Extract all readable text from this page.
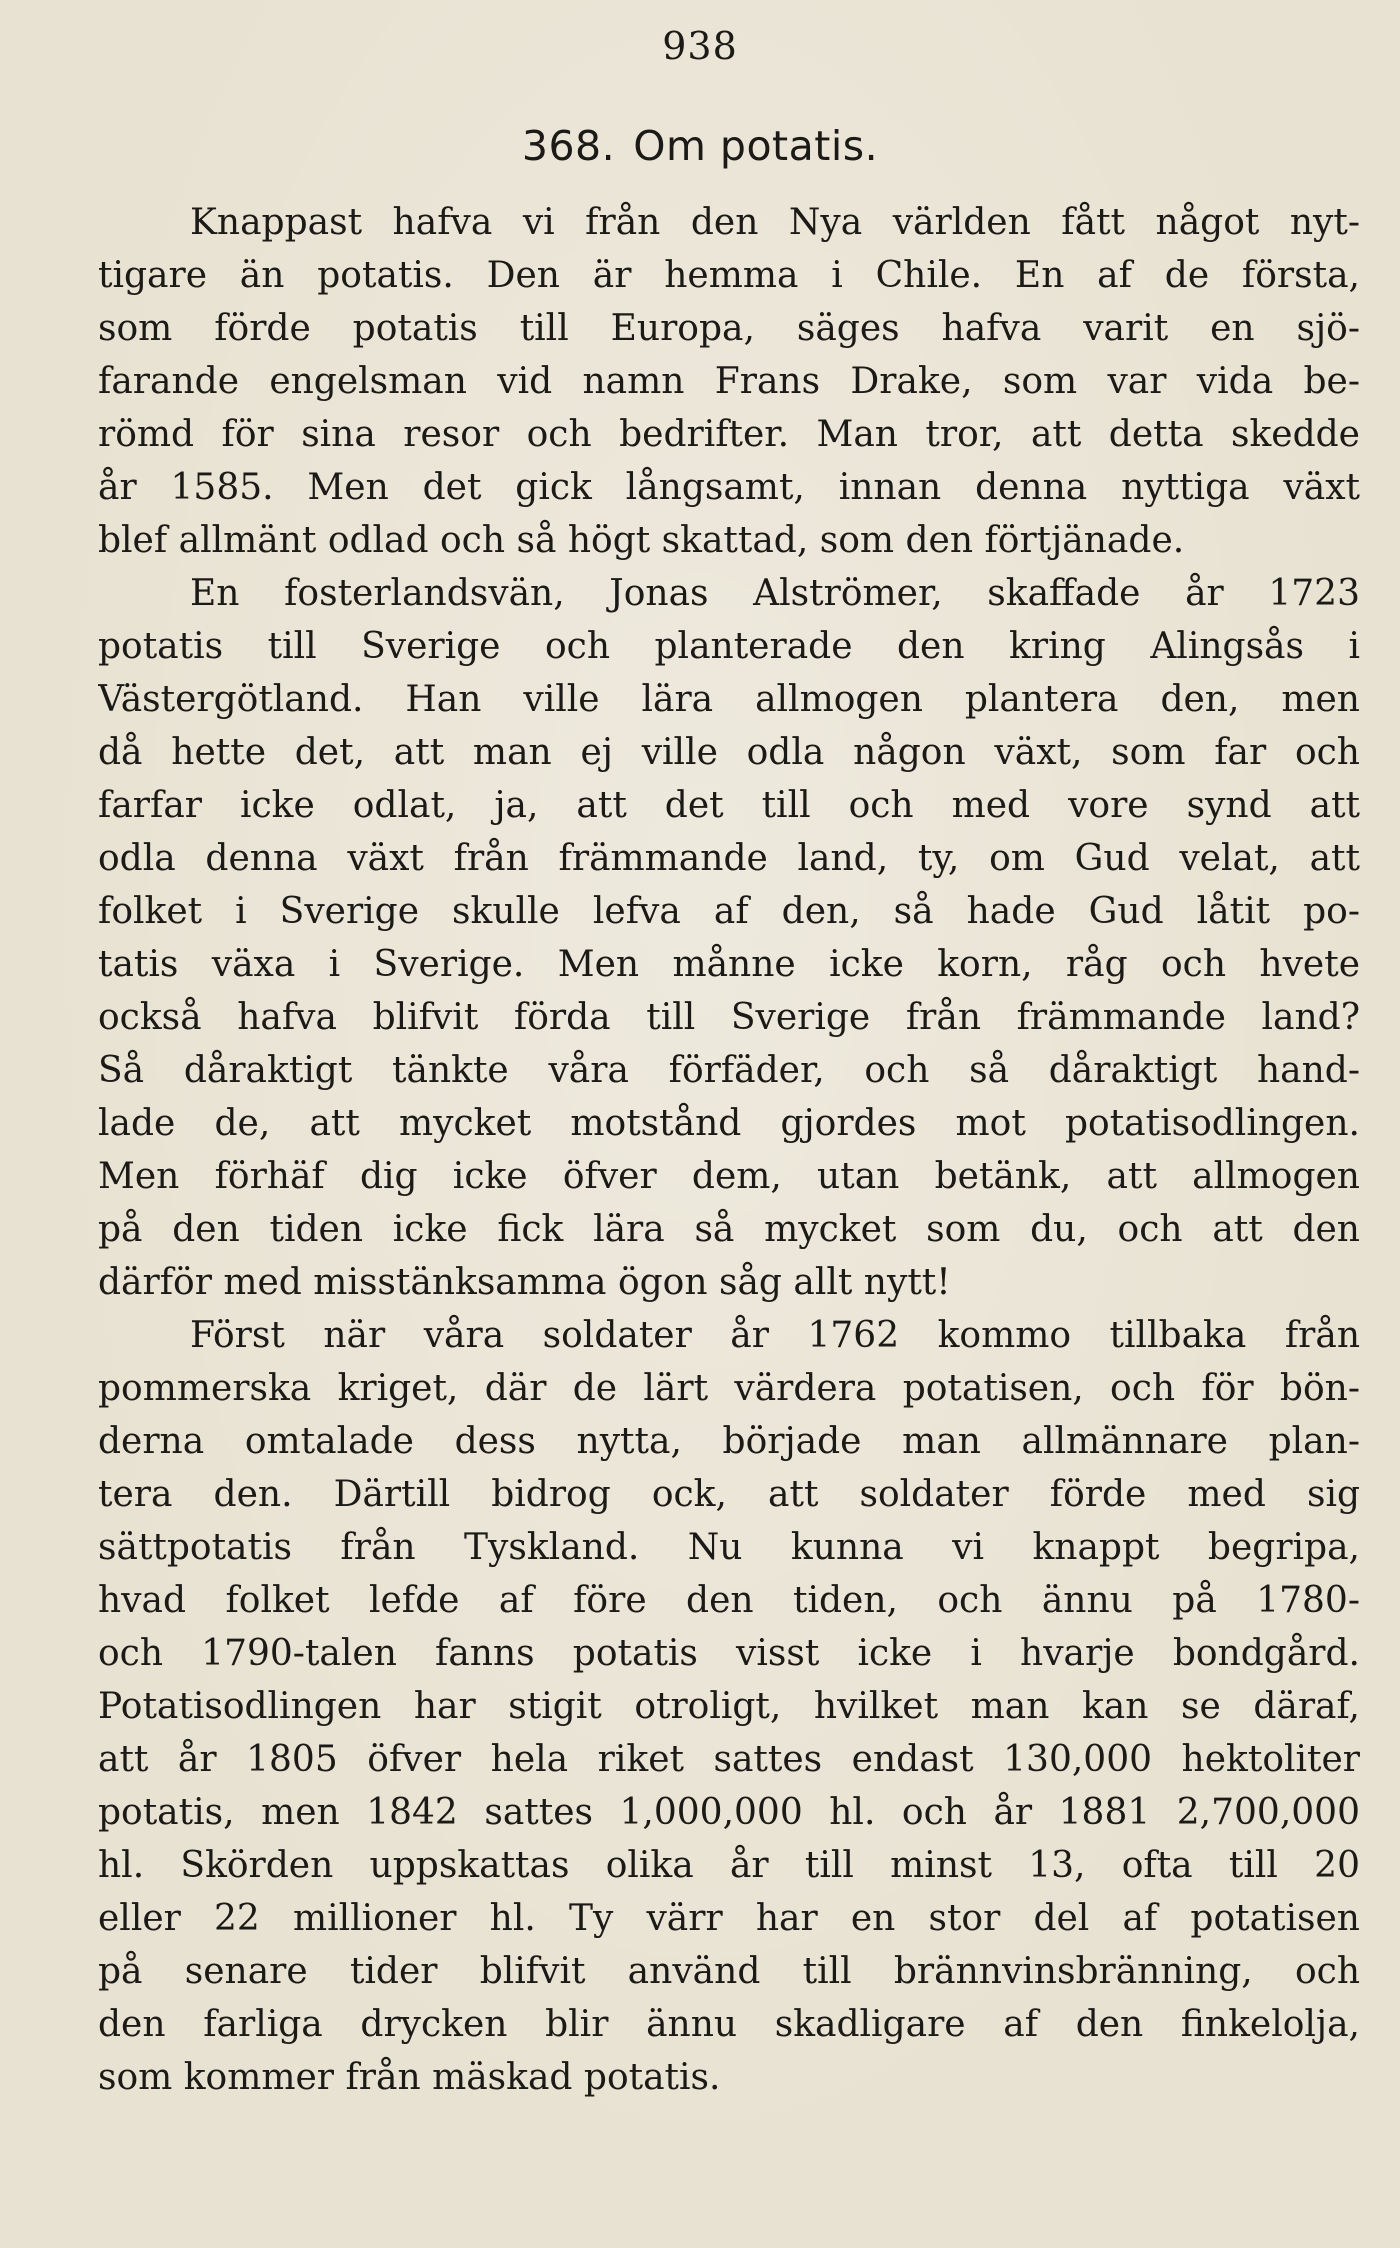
938
368. Om potatis.
Knappast hafva vi från den Nya världen fått något nyt-
tigare än potatis. Den är hemma i Chile. En af de första,
som förde potatis till Europa, säges hafva varit en sjö-
farande engelsman vid namn Frans Drake, som var vida be-
römd för sina resor och bedrifter. Man tror, att detta skedde
år 1585. Men det gick långsamt, innan denna nyttiga växt
blef allmänt odlad och så högt skattad, som den förtjänade.
En fosterlandsvän, Jonas Alströmer, skaffade år 1723
potatis till Sverige och planterade den kring Alingsås i
Västergötland. Han ville lära allmogen plantera den, men
då hette det, att man ej ville odla någon växt, som far och
farfar icke odlat, ja, att det till och med vore synd att
odla denna växt från främmande land, ty, om Gud velat, att
folket i Sverige skulle lefva af den, så hade Gud låtit po-
tatis växa i Sverige. Men månne icke korn, råg och hvete
också hafva blifvit förda till Sverige från främmande land?
Så dåraktigt tänkte våra förfäder, och så dåraktigt hand-
lade de, att mycket motstånd gjordes mot potatisodlingen.
Men förhäf dig icke öfver dem, utan betänk, att allmogen
på den tiden icke fick lära så mycket som du, och att den
därför med misstänksamma ögon såg allt nytt!
Först när våra soldater år 1762 kommo tillbaka från
pommerska kriget, där de lärt värdera potatisen, och för bön-
derna omtalade dess nytta, började man allmännare plan-
tera den. Därtill bidrog ock, att soldater förde med sig
sättpotatis från Tyskland. Nu kunna vi knappt begripa,
hvad folket lefde af före den tiden, och ännu på 1780-
och 1790-talen fanns potatis visst icke i hvarje bondgård.
Potatisodlingen har stigit otroligt, hvilket man kan se däraf,
att år 1805 öfver hela riket sattes endast 130,000 hektoliter
potatis, men 1842 sattes 1,000,000 hl. och år 1881 2,700,000
hl. Skörden uppskattas olika år till minst 13, ofta till 20
eller 22 millioner hl. Ty värr har en stor del af potatisen
på senare tider blifvit använd till brännvinsbränning, och
den farliga drycken blir ännu skadligare af den finkelolja,
som kommer från mäskad potatis.
